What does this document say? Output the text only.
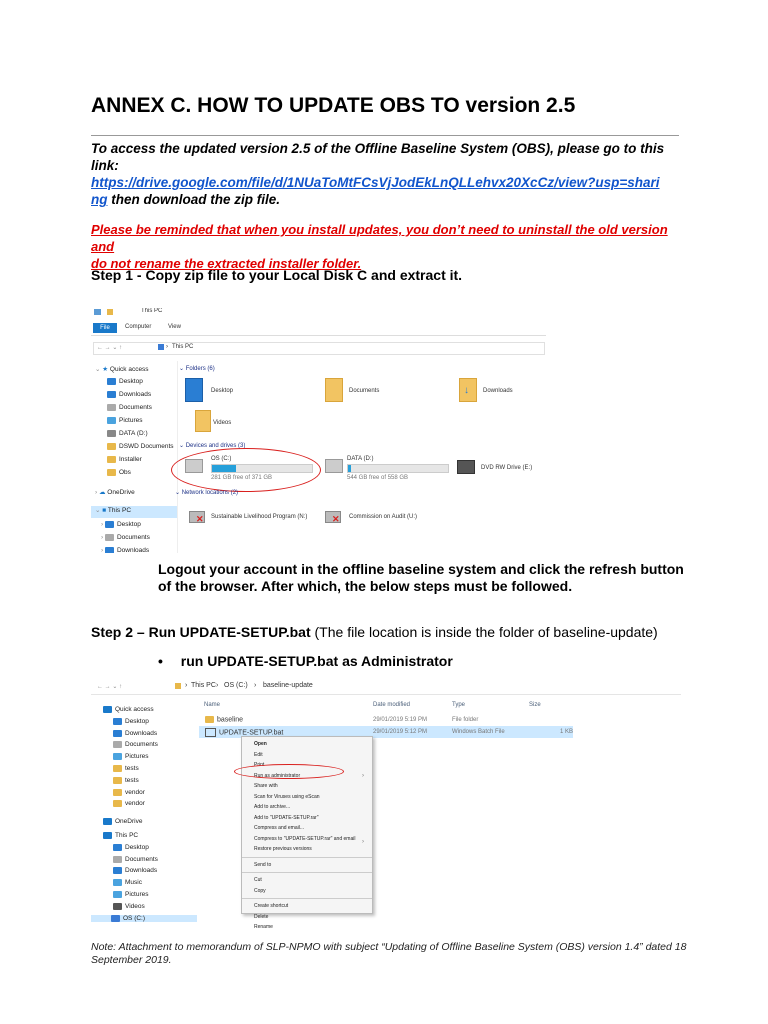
ANNEX C. HOW TO UPDATE OBS TO version 2.5
To access the updated version 2.5 of the Offline Baseline System (OBS), please go to this link:
https://drive.google.com/file/d/1NUaToMtFCsVjJodEkLnQLLehvx20XcCz/view?usp=shari
ng then download the zip file.
Please be reminded that when you install updates, you don’t need to uninstall the old version and
do not rename the extracted installer folder.
Step 1 - Copy zip file to your Local Disk C and extract it.
This PC
File	Computer	View
← → ⌄ ↑	› This PC
⌄ ★ Quick access
Desktop
Downloads
Documents
Pictures
DATA (D:)
DSWD Documents
Installer
Obs
› ☁ OneDrive
⌄ ■ This PC
› Desktop
› Documents
› Downloads
⌄ Folders (6)
Desktop	Documents	↓ Downloads
Videos
⌄ Devices and drives (3)
OS (C:)
281 GB free of 371 GB
DATA (D:)
544 GB free of 558 GB
DVD RW Drive (E:)
⌄ Network locations (2)
✕ Sustainable Livelihood Program (N:)	✕ Commission on Audit (U:)
Logout your account in the offline baseline system and click the refresh button
of the browser. After which, the below steps must be followed.
Step 2 – Run UPDATE-SETUP.bat (The file location is inside the folder of baseline-update)
• run UPDATE-SETUP.bat as Administrator
← → ⌄ ↑	› This PC › OS (C:) › baseline-update
Name	Date modified	Type	Size
baseline	29/01/2019 5:19 PM	File folder
UPDATE-SETUP.bat	29/01/2019 5:12 PM	Windows Batch File	1 KB
Quick access
Desktop
Downloads
Documents
Pictures
tests
tests
vendor
vendor
OneDrive
This PC
Desktop
Documents
Downloads
Music
Pictures
Videos
OS (C:)
Open
Edit
Print
Run as administrator
Share with
Scan for Viruses using eScan
Add to archive...
Add to "UPDATE-SETUP.rar"
Compress and email...
Compress to "UPDATE-SETUP.rar" and email
Restore previous versions
Send to
Cut
Copy
Create shortcut
Delete
Rename
›
›
Note: Attachment to memorandum of SLP-NPMO with subject “Updating of Offline Baseline System (OBS) version 1.4” dated 18
September 2019.
